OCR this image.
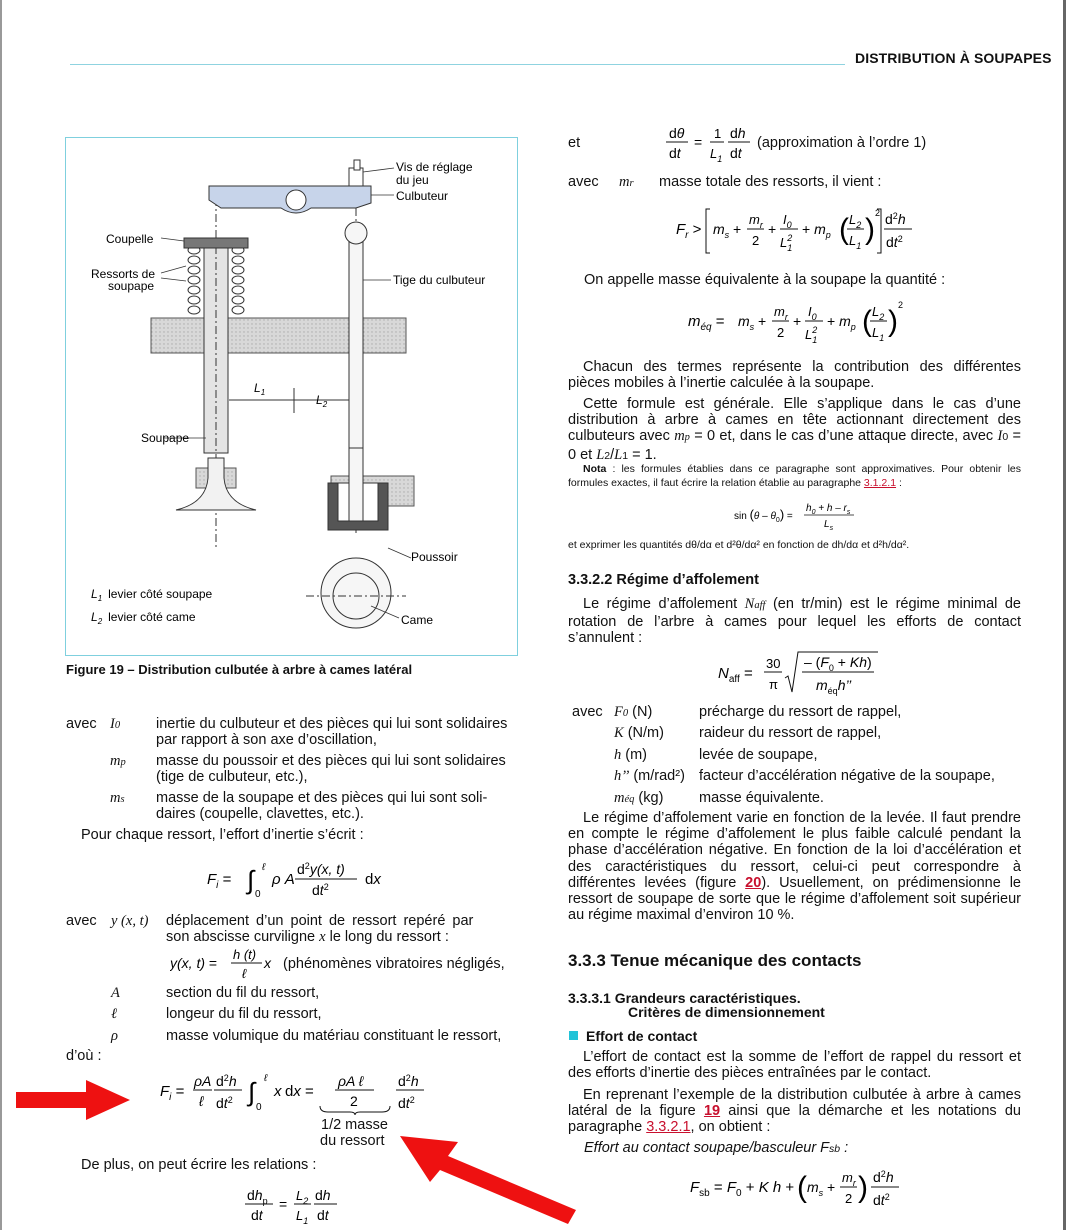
DISTRIBUTION À SOUPAPES
Vis de réglage
du jeu
Culbuteur
Coupelle
Ressorts de
soupape	Tige du culbuteur
$L_1$
$L_2$
Soupape
Poussoir
Came
$L_1$ levier côté soupape
$L_2$ levier côté came
Figure 19 – Distribution culbutée à arbre à cames latéral
avec I0 inertie du culbuteur et des pièces qui lui sont solidaires
par rapport à son axe d’oscillation,
mp masse du poussoir et des pièces qui lui sont solidaires
(tige de culbuteur, etc.),
ms masse de la soupape et des pièces qui lui sont soli-
daires (coupelle, clavettes, etc.).
Pour chaque ressort, l’effort d’inertie s’écrit :
$F_i$ = ∫ ℓ
0
ρ A
$d^2y(x$, t)
$dt^2$ dx
avec y (x, t) déplacement d’un point de ressort repéré par
son abscisse curviligne x le long du ressort :
y(x, t) =
h (t)
ℓ
x (phénomènes vibratoires négligés,
A	section du fil du ressort,
ℓ	longeur du fil du ressort,
ρ	masse volumique du matériau constituant le ressort,
d’où :
$F_i$ =
ρA
ℓ
$d^2h$
$dt^2$ ∫ ℓ
0
x dx =
ρA ℓ
2
$d^2h$
$dt^2$
1/2 masse
du ressort
De plus, on peut écrire les relations :
$dh_p$
dt
=
$L_2$
$L_1$
dh
dt
et
dθ
dt
=
1
$L_1$
dh
dt
(approximation à l’ordre 1)
avec mr masse totale des ressorts, il vient :
$F_r > m_s$ +
$m_r$
2
+
$I_0$
$L^2$ 1
+ $m_p$ ( $L_2$
$L_1$ ) 2 $d^2h$
$dt^2$
On appelle masse équivalente à la soupape la quantité :
$m_{éq} = m_s$ +
$m_r$
2
+
$I_0$
$L^2$ 1
+ $m_p$ ( $L_2$
$L_1$ ) 2
Chacun des termes représente la contribution des différentes pièces mobiles à l’inertie calculée à la soupape.
Cette formule est générale. Elle s’applique dans le cas d’une distribution à arbre à cames en tête actionnant directement des culbuteurs avec mp = 0 et, dans le cas d’une attaque directe, avec I0 = 0 et L2/L1 = 1.
Nota : les formules établies dans ce paragraphe sont approximatives. Pour obtenir les formules exactes, il faut écrire la relation établie au paragraphe 3.1.2.1 :
$\sin (\theta - \theta_0)$ =
$h_0 + h - r_s$
$L_s$
et exprimer les quantités dθ/dα et d²θ/dα² en fonction de dh/dα et d²h/dα².
3.3.2.2 Régime d’affolement
Le régime d’affolement Naff (en tr/min) est le régime minimal de rotation de l’arbre à cames pour lequel les efforts de contact s’annulent :
$N_{aff}$ =
30
π
– $(F_0 + Kh)$
$m_{éq}h$’’
avec F0 (N)	précharge du ressort de rappel,
K (N/m) raideur du ressort de rappel,
h (m)	levée de soupape,
h’’ (m/rad²) facteur d’accélération négative de la soupape,
méq (kg) masse équivalente.
Le régime d’affolement varie en fonction de la levée. Il faut prendre en compte le régime d’affolement le plus faible calculé pendant la phase d’accélération négative. En fonction de la loi d’accélération et des caractéristiques du ressort, celui-ci peut correspondre à différentes levées (figure 20). Usuellement, on prédimensionne le ressort de soupape de sorte que le régime d’affolement soit supérieur au régime maximal d’environ 10 %.
3.3.3 Tenue mécanique des contacts
3.3.3.1 Grandeurs caractéristiques.
Critères de dimensionnement
Effort de contact
L’effort de contact est la somme de l’effort de rappel du ressort et des efforts d’inertie des pièces entraînées par le contact.
En reprenant l’exemple de la distribution culbutée à arbre à cames latéral de la figure 19 ainsi que la démarche et les notations du paragraphe 3.3.2.1, on obtient :
Effort au contact soupape/basculeur Fsb :
$F_{sb} = F_0 + K$ h + ( $m_s$ +
$m_r$
2 ) $d^2h$
$dt^2$
